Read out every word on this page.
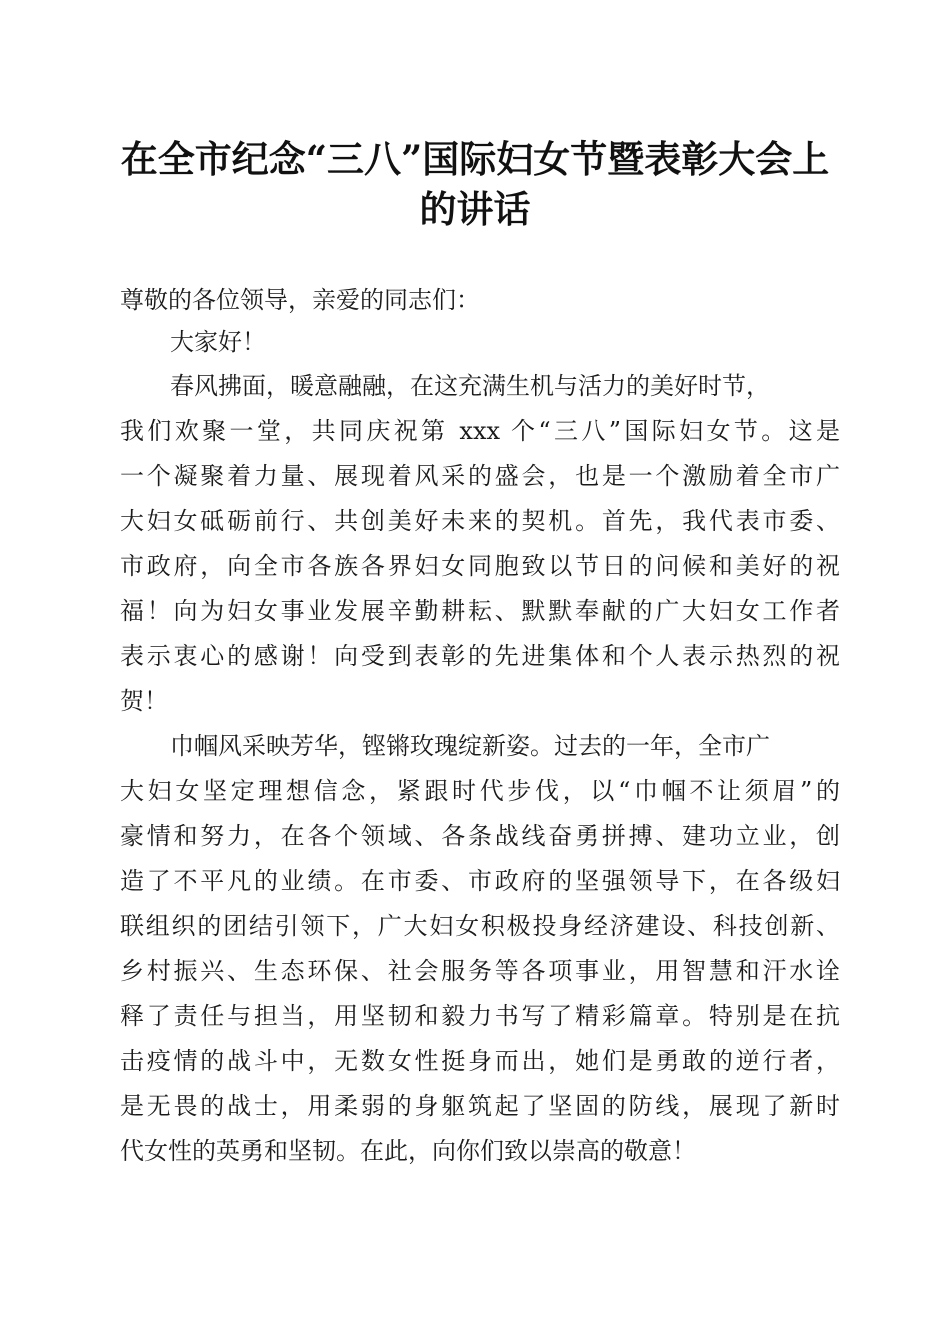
在全市纪念“三八”国际妇女节暨表彰大会上
的讲话

尊敬的各位领导，亲爱的同志们：

大家好！

春风拂面，暖意融融，在这充满生机与活力的美好时节，

我们欢聚一堂，共同庆祝第 xxx 个“三八”国际妇女节。这是

一个凝聚着力量、展现着风采的盛会，也是一个激励着全市广

大妇女砥砺前行、共创美好未来的契机。首先，我代表市委、

市政府，向全市各族各界妇女同胞致以节日的问候和美好的祝

福！向为妇女事业发展辛勤耕耘、默默奉献的广大妇女工作者

表示衷心的感谢！向受到表彰的先进集体和个人表示热烈的祝

贺！

巾帼风采映芳华，铿锵玫瑰绽新姿。过去的一年，全市广

大妇女坚定理想信念，紧跟时代步伐，以“巾帼不让须眉”的

豪情和努力，在各个领域、各条战线奋勇拼搏、建功立业，创

造了不平凡的业绩。在市委、市政府的坚强领导下，在各级妇

联组织的团结引领下，广大妇女积极投身经济建设、科技创新、

乡村振兴、生态环保、社会服务等各项事业，用智慧和汗水诠

释了责任与担当，用坚韧和毅力书写了精彩篇章。特别是在抗

击疫情的战斗中，无数女性挺身而出，她们是勇敢的逆行者，

是无畏的战士，用柔弱的身躯筑起了坚固的防线，展现了新时

代女性的英勇和坚韧。在此，向你们致以崇高的敬意！
